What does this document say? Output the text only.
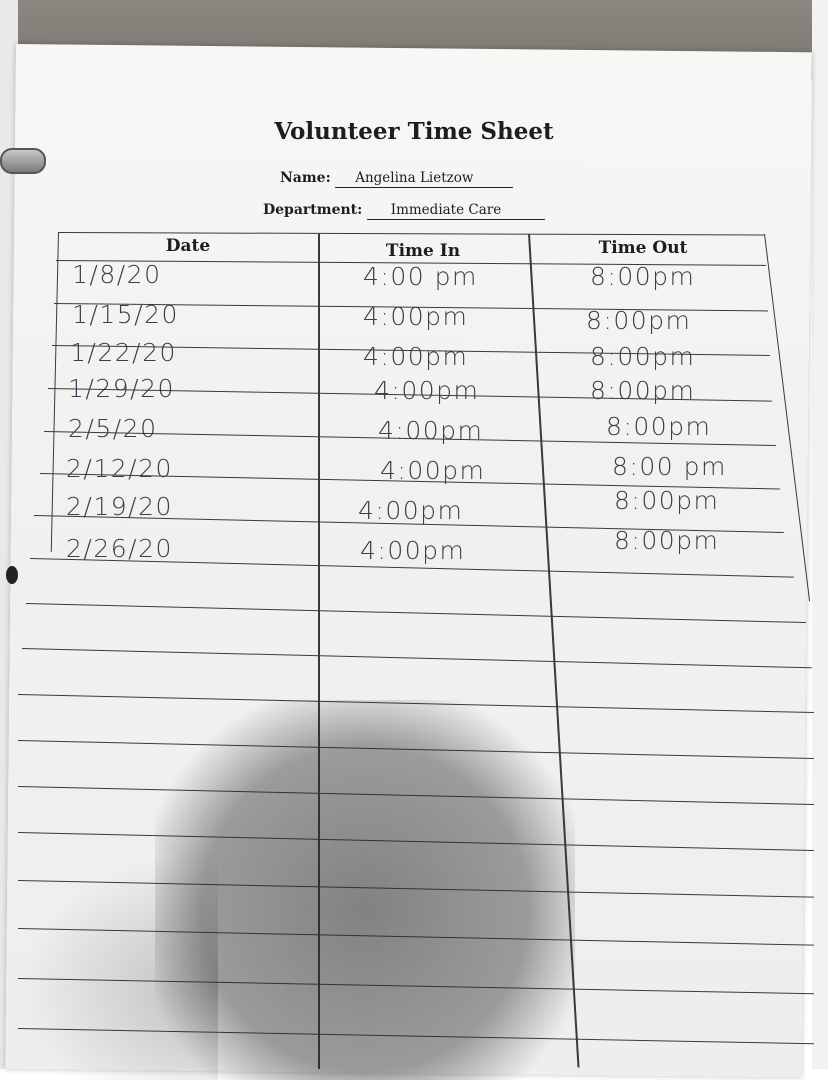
Volunteer Time Sheet
Name: Angelina Lietzow
Department: Immediate Care
Date	Time In	Time Out
1/8/20	4:00 pm	8:00pm
1/15/20	4:00pm	8:00pm
1/22/20	4:00pm	8:00pm
1/29/20	4:00pm	8:00pm
2/5/20	4:00pm	8:00pm
2/12/20	4:00pm	8:00 pm
2/19/20	4:00pm	8:00pm
2/26/20	4:00pm	8:00pm
